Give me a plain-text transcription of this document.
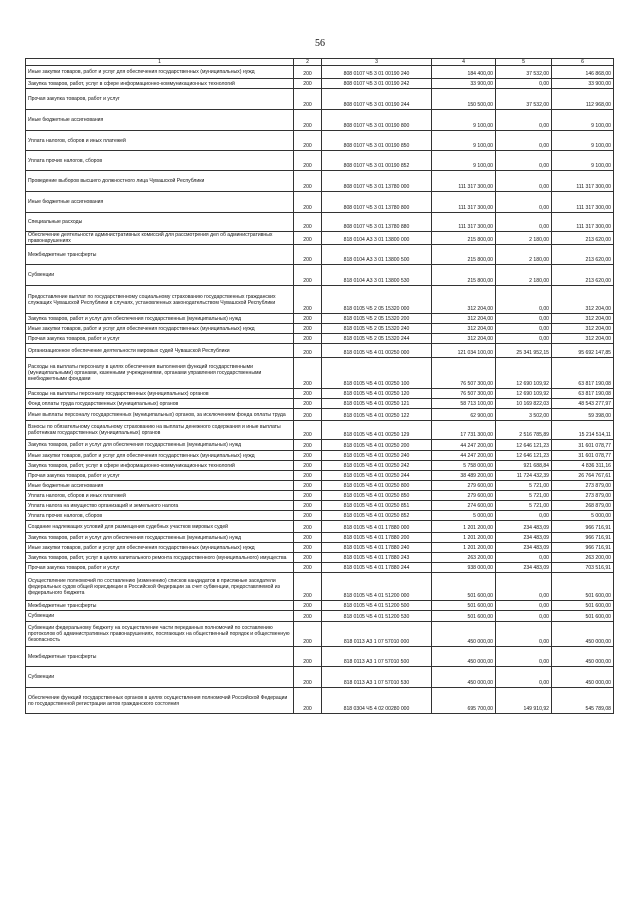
56
1	2	3	4	5	6
Иные закупки товаров, работ и услуг для обеспечения государственных (муниципальных) нужд	200	808 0107 Ч5 3 01 00190 240	184 400,00	37 532,00	146 868,00
Закупка товаров, работ, услуг в сфере информационно-коммуникационных технологий	200	808 0107 Ч5 3 01 00190 242	33 900,00	0,00	33 900,00
Прочая закупка товаров, работ и услуг	200	808 0107 Ч5 3 01 00190 244	150 500,00	37 532,00	112 968,00
Иные бюджетные ассигнования	200	808 0107 Ч5 3 01 00190 800	9 100,00	0,00	9 100,00
Уплата налогов, сборов и иных платежей	200	808 0107 Ч5 3 01 00190 850	9 100,00	0,00	9 100,00
Уплата прочих налогов, сборов	200	808 0107 Ч5 3 01 00190 852	9 100,00	0,00	9 100,00
Проведение выборов высшего должностного лица Чувашской Республики	200	808 0107 Ч5 3 01 13780 000	111 317 300,00	0,00	111 317 300,00
Иные бюджетные ассигнования	200	808 0107 Ч5 3 01 13780 800	111 317 300,00	0,00	111 317 300,00
Специальные расходы	200	808 0107 Ч5 3 01 13780 880	111 317 300,00	0,00	111 317 300,00
Обеспечение деятельности административных комиссий для рассмотрения дел об административных правонарушениях	200	818 0104 А3 3 01 13800 000	215 800,00	2 180,00	213 620,00
Межбюджетные трансферты	200	818 0104 А3 3 01 13800 500	215 800,00	2 180,00	213 620,00
Субвенции	200	818 0104 А3 3 01 13800 530	215 800,00	2 180,00	213 620,00
Предоставление выплат по государственному социальному страхованию государственных гражданских служащих Чувашской Республики в случаях, установленных законодательством Чувашской Республики	200	818 0105 Ч5 2 05 15320 000	312 204,00	0,00	312 204,00
Закупка товаров, работ и услуг для обеспечения государственных (муниципальных) нужд	200	818 0105 Ч5 2 05 15320 200	312 204,00	0,00	312 204,00
Иные закупки товаров, работ и услуг для обеспечения государственных (муниципальных) нужд	200	818 0105 Ч5 2 05 15320 240	312 204,00	0,00	312 204,00
Прочая закупка товаров, работ и услуг	200	818 0105 Ч5 2 05 15320 244	312 204,00	0,00	312 204,00
Организационное обеспечение деятельности мировых судей Чувашской Республики	200	818 0105 Ч5 4 01 00250 000	121 034 100,00	25 341 952,15	95 692 147,85
Расходы на выплаты персоналу в целях обеспечения выполнения функций государственными (муниципальными) органами, казенными учреждениями, органами управления государственными внебюджетными фондами	200	818 0105 Ч5 4 01 00250 100	76 507 300,00	12 690 109,92	63 817 190,08
Расходы на выплаты персоналу государственных (муниципальных) органов	200	818 0105 Ч5 4 01 00250 120	76 507 300,00	12 690 109,92	63 817 190,08
Фонд оплаты труда государственных (муниципальных) органов	200	818 0105 Ч5 4 01 00250 121	58 713 100,00	10 169 822,03	48 543 277,97
Иные выплаты персоналу государственных (муниципальных) органов, за исключением фонда оплаты труда	200	818 0105 Ч5 4 01 00250 122	62 900,00	3 502,00	59 398,00
Взносы по обязательному социальному страхованию на выплаты денежного содержания и иные выплаты работникам государственных (муниципальных) органов	200	818 0105 Ч5 4 01 00250 129	17 731 300,00	2 516 785,89	15 214 514,11
Закупка товаров, работ и услуг для обеспечения государственных (муниципальных) нужд	200	818 0105 Ч5 4 01 00250 200	44 247 200,00	12 646 121,23	31 601 078,77
Иные закупки товаров, работ и услуг для обеспечения государственных (муниципальных) нужд	200	818 0105 Ч5 4 01 00250 240	44 247 200,00	12 646 121,23	31 601 078,77
Закупка товаров, работ, услуг в сфере информационно-коммуникационных технологий	200	818 0105 Ч5 4 01 00250 242	5 758 000,00	921 688,84	4 836 311,16
Прочая закупка товаров, работ и услуг	200	818 0105 Ч5 4 01 00250 244	38 489 200,00	11 724 432,39	26 764 767,61
Иные бюджетные ассигнования	200	818 0105 Ч5 4 01 00250 800	279 600,00	5 721,00	273 879,00
Уплата налогов, сборов и иных платежей	200	818 0105 Ч5 4 01 00250 850	279 600,00	5 721,00	273 879,00
Уплата налога на имущество организаций и земельного налога	200	818 0105 Ч5 4 01 00250 851	274 600,00	5 721,00	268 879,00
Уплата прочих налогов, сборов	200	818 0105 Ч5 4 01 00250 852	5 000,00	0,00	5 000,00
Создание надлежащих условий для размещения судебных участков мировых судей	200	818 0105 Ч5 4 01 17880 000	1 201 200,00	234 483,09	966 716,91
Закупка товаров, работ и услуг для обеспечения государственных (муниципальных) нужд	200	818 0105 Ч5 4 01 17880 200	1 201 200,00	234 483,09	966 716,91
Иные закупки товаров, работ и услуг для обеспечения государственных (муниципальных) нужд	200	818 0105 Ч5 4 01 17880 240	1 201 200,00	234 483,09	966 716,91
Закупка товаров, работ, услуг в целях капитального ремонта государственного (муниципального) имущества	200	818 0105 Ч5 4 01 17880 243	263 200,00	0,00	263 200,00
Прочая закупка товаров, работ и услуг	200	818 0105 Ч5 4 01 17880 244	938 000,00	234 483,09	703 516,91
Осуществление полномочий по составлению (изменению) списков кандидатов в присяжные заседатели федеральных судов общей юрисдикции в Российской Федерации за счет субвенции, предоставляемой из федерального бюджета	200	818 0105 Ч5 4 01 51200 000	501 600,00	0,00	501 600,00
Межбюджетные трансферты	200	818 0105 Ч5 4 01 51200 500	501 600,00	0,00	501 600,00
Субвенции	200	818 0105 Ч5 4 01 51200 530	501 600,00	0,00	501 600,00
Субвенции федеральному бюджету на осуществление части переданных полномочий по составлению протоколов об административных правонарушениях, посягающих на общественный порядок и общественную безопасность	200	818 0113 А3 1 07 57010 000	450 000,00	0,00	450 000,00
Межбюджетные трансферты	200	818 0113 А3 1 07 57010 500	450 000,00	0,00	450 000,00
Субвенции	200	818 0113 А3 1 07 57010 530	450 000,00	0,00	450 000,00
Обеспечение функций государственных органов в целях осуществления полномочий Российской Федерации по государственной регистрации актов гражданского состояния	200	818 0304 Ч5 4 02 00280 000	695 700,00	149 910,92	545 789,08
